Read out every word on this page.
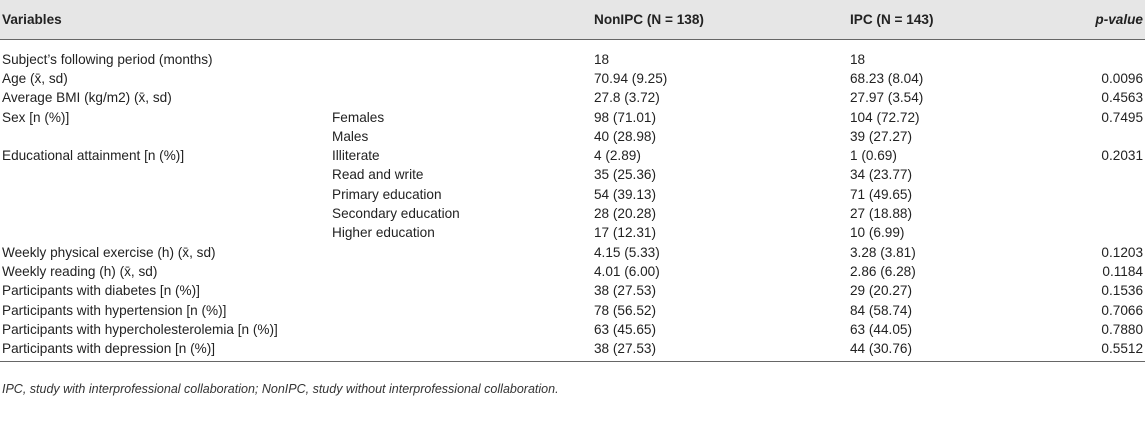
Variables		NonIPC (N = 138)	IPC (N = 143)	p-value
Subject’s following period (months)		18	18	
Age (x̄, sd)		70.94 (9.25)	68.23 (8.04)	0.0096
Average BMI (kg/m2) (x̄, sd)		27.8 (3.72)	27.97 (3.54)	0.4563
Sex [n (%)]	Females	98 (71.01)	104 (72.72)	0.7495
	Males	40 (28.98)	39 (27.27)	
Educational attainment [n (%)]	Illiterate	4 (2.89)	1 (0.69)	0.2031
	Read and write	35 (25.36)	34 (23.77)	
	Primary education	54 (39.13)	71 (49.65)	
	Secondary education	28 (20.28)	27 (18.88)	
	Higher education	17 (12.31)	10 (6.99)	
Weekly physical exercise (h) (x̄, sd)		4.15 (5.33)	3.28 (3.81)	0.1203
Weekly reading (h) (x̄, sd)		4.01 (6.00)	2.86 (6.28)	0.1184
Participants with diabetes [n (%)]		38 (27.53)	29 (20.27)	0.1536
Participants with hypertension [n (%)]		78 (56.52)	84 (58.74)	0.7066
Participants with hypercholesterolemia [n (%)]		63 (45.65)	63 (44.05)	0.7880
Participants with depression [n (%)]		38 (27.53)	44 (30.76)	0.5512
IPC, study with interprofessional collaboration; NonIPC, study without interprofessional collaboration.
